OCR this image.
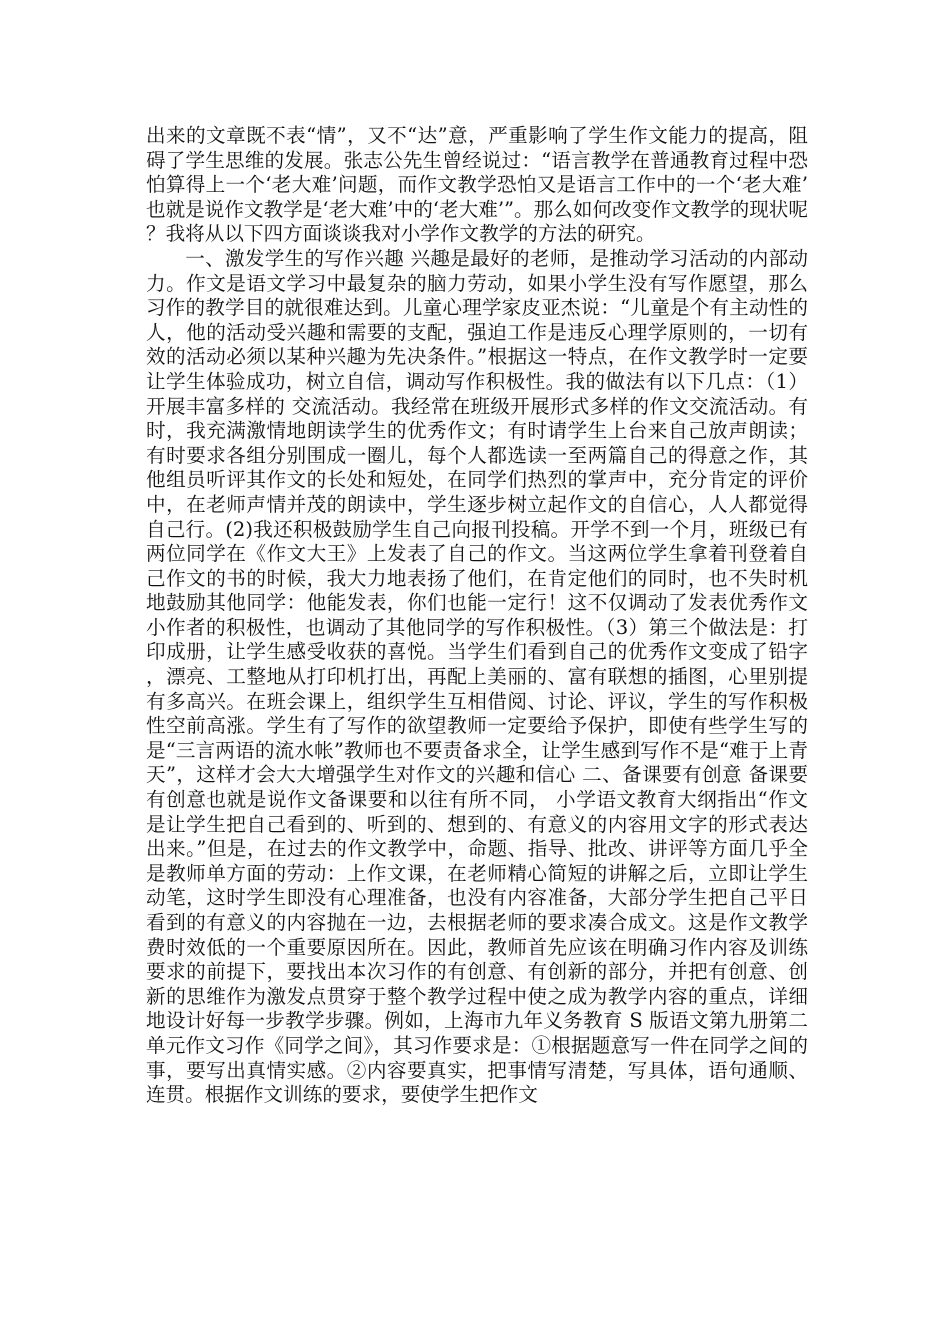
出来的文章既不表“情”，又不“达”意，严重影响了学生作文能力的提高，阻碍了学生思维的发展。张志公先生曾经说过：“语言教学在普通教育过程中恐怕算得上一个‘老大难’问题，而作文教学恐怕又是语言工作中的一个‘老大难’也就是说作文教学是‘老大难’中的‘老大难’”。那么如何改变作文教学的现状呢？我将从以下四方面谈谈我对小学作文教学的方法的研究。

一、激发学生的写作兴趣 兴趣是最好的老师，是推动学习活动的内部动力。作文是语文学习中最复杂的脑力劳动，如果小学生没有写作愿望，那么习作的教学目的就很难达到。儿童心理学家皮亚杰说：“儿童是个有主动性的人，他的活动受兴趣和需要的支配，强迫工作是违反心理学原则的，一切有效的活动必须以某种兴趣为先决条件。”根据这一特点，在作文教学时一定要让学生体验成功，树立自信，调动写作积极性。我的做法有以下几点：（1）开展丰富多样的 交流活动。我经常在班级开展形式多样的作文交流活动。有时，我充满激情地朗读学生的优秀作文；有时请学生上台来自己放声朗读；有时要求各组分别围成一圈儿，每个人都选读一至两篇自己的得意之作，其他组员听评其作文的长处和短处，在同学们热烈的掌声中，充分肯定的评价中，在老师声情并茂的朗读中，学生逐步树立起作文的自信心，人人都觉得自己行。(2)我还积极鼓励学生自己向报刊投稿。开学不到一个月，班级已有两位同学在《作文大王》上发表了自己的作文。当这两位学生拿着刊登着自己作文的书的时候，我大力地表扬了他们，在肯定他们的同时，也不失时机地鼓励其他同学：他能发表，你们也能一定行！这不仅调动了发表优秀作文小作者的积极性，也调动了其他同学的写作积极性。（3）第三个做法是：打印成册，让学生感受收获的喜悦。当学生们看到自己的优秀作文变成了铅字，漂亮、工整地从打印机打出，再配上美丽的、富有联想的插图，心里别提有多高兴。在班会课上，组织学生互相借阅、讨论、评议，学生的写作积极性空前高涨。学生有了写作的欲望教师一定要给予保护，即使有些学生写的是“三言两语的流水帐”教师也不要责备求全，让学生感到写作不是“难于上青天”，这样才会大大增强学生对作文的兴趣和信心 二、备课要有创意 备课要有创意也就是说作文备课要和以往有所不同， 小学语文教育大纲指出“作文是让学生把自己看到的、听到的、想到的、有意义的内容用文字的形式表达出来。”但是，在过去的作文教学中，命题、指导、批改、讲评等方面几乎全是教师单方面的劳动：上作文课，在老师精心简短的讲解之后，立即让学生动笔，这时学生即没有心理准备，也没有内容准备，大部分学生把自己平日看到的有意义的内容抛在一边，去根据老师的要求凑合成文。这是作文教学费时效低的一个重要原因所在。因此，教师首先应该在明确习作内容及训练要求的前提下，要找出本次习作的有创意、有创新的部分，并把有创意、创新的思维作为激发点贯穿于整个教学过程中使之成为教学内容的重点，详细地设计好每一步教学步骤。例如，上海市九年义务教育 S 版语文第九册第二单元作文习作《同学之间》，其习作要求是：①根据题意写一件在同学之间的事，要写出真情实感。②内容要真实，把事情写清楚，写具体，语句通顺、连贯。根据作文训练的要求，要使学生把作文
